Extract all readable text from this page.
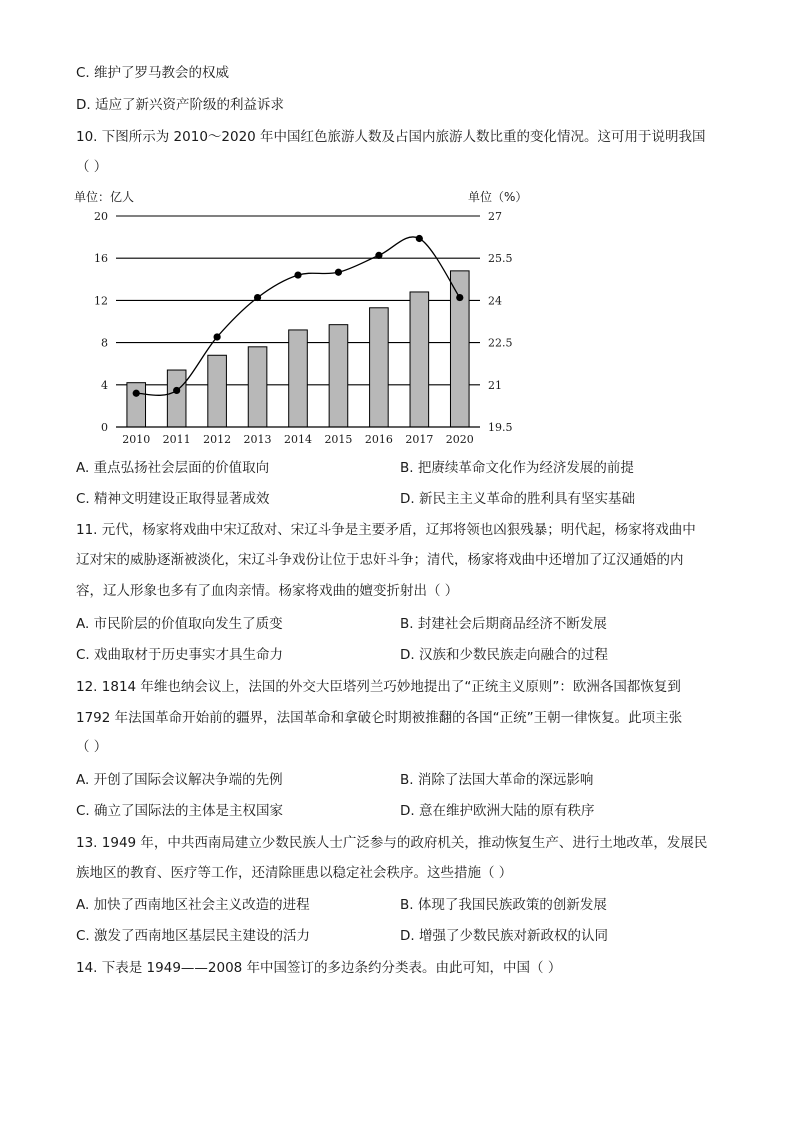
C. 维护了罗马教会的权威
D. 适应了新兴资产阶级的利益诉求
10. 下图所示为 2010～2020 年中国红色旅游人数及占国内旅游人数比重的变化情况。这可用于说明我国
（ ）
0
4
8
12
16
20
19.5
21
22.5
24
25.5
27
2010 2011 2012 2013 2014 2015 2016 2017 2020
单位：亿人	单位（%）
A. 重点弘扬社会层面的价值取向	B. 把赓续革命文化作为经济发展的前提
C. 精神文明建设正取得显著成效	D. 新民主主义革命的胜利具有坚实基础
11. 元代，杨家将戏曲中宋辽敌对、宋辽斗争是主要矛盾，辽邦将领也凶狠残暴；明代起，杨家将戏曲中
辽对宋的威胁逐渐被淡化，宋辽斗争戏份让位于忠奸斗争；清代，杨家将戏曲中还增加了辽汉通婚的内
容，辽人形象也多有了血肉亲情。杨家将戏曲的嬗变折射出（ ）
A. 市民阶层的价值取向发生了质变	B. 封建社会后期商品经济不断发展
C. 戏曲取材于历史事实才具生命力	D. 汉族和少数民族走向融合的过程
12. 1814 年维也纳会议上，法国的外交大臣塔列兰巧妙地提出了“正统主义原则”：欧洲各国都恢复到
1792 年法国革命开始前的疆界，法国革命和拿破仑时期被推翻的各国“正统”王朝一律恢复。此项主张
（ ）
A. 开创了国际会议解决争端的先例	B. 消除了法国大革命的深远影响
C. 确立了国际法的主体是主权国家	D. 意在维护欧洲大陆的原有秩序
13. 1949 年，中共西南局建立少数民族人士广泛参与的政府机关，推动恢复生产、进行土地改革，发展民
族地区的教育、医疗等工作，还清除匪患以稳定社会秩序。这些措施（ ）
A. 加快了西南地区社会主义改造的进程	B. 体现了我国民族政策的创新发展
C. 激发了西南地区基层民主建设的活力	D. 增强了少数民族对新政权的认同
14. 下表是 1949——2008 年中国签订的多边条约分类表。由此可知，中国（ ）
